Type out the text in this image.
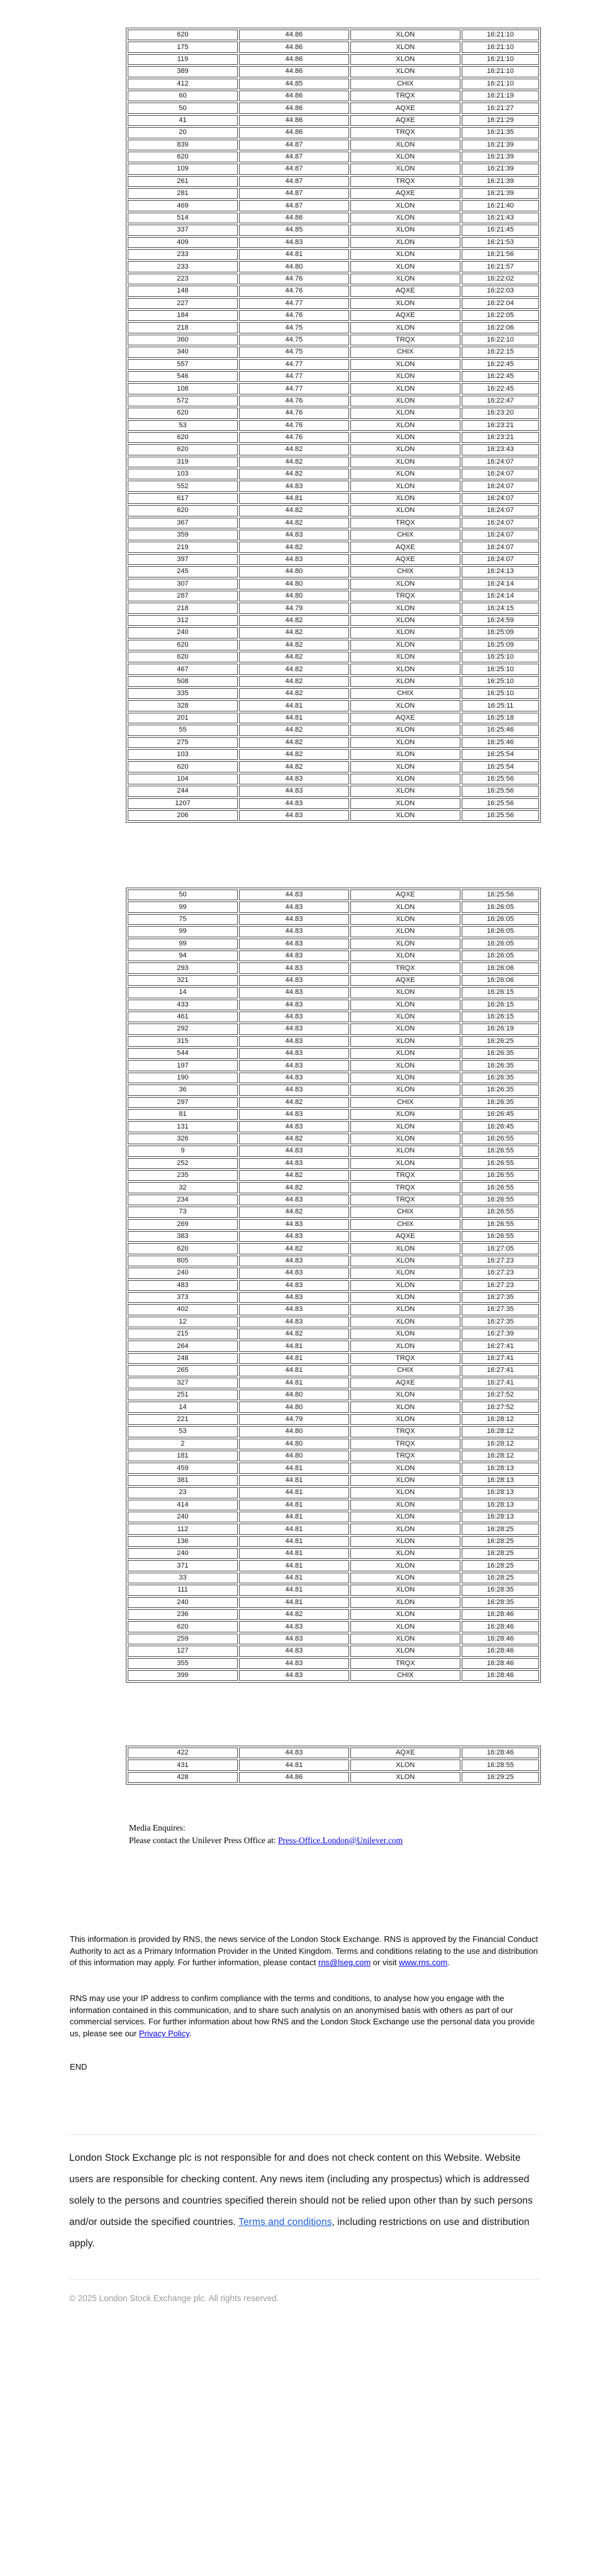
620	44.86	XLON	16:21:10
175	44.86	XLON	16:21:10
119	44.86	XLON	16:21:10
389	44.86	XLON	16:21:10
412	44.85	CHIX	16:21:10
60	44.86	TRQX	16:21:19
50	44.86	AQXE	16:21:27
41	44.86	AQXE	16:21:29
20	44.86	TRQX	16:21:35
839	44.87	XLON	16:21:39
620	44.87	XLON	16:21:39
109	44.87	XLON	16:21:39
261	44.87	TRQX	16:21:39
281	44.87	AQXE	16:21:39
469	44.87	XLON	16:21:40
514	44.86	XLON	16:21:43
337	44.85	XLON	16:21:45
409	44.83	XLON	16:21:53
233	44.81	XLON	16:21:56
233	44.80	XLON	16:21:57
223	44.76	XLON	16:22:02
148	44.76	AQXE	16:22:03
227	44.77	XLON	16:22:04
184	44.76	AQXE	16:22:05
218	44.75	XLON	16:22:06
360	44.75	TRQX	16:22:10
340	44.75	CHIX	16:22:15
557	44.77	XLON	16:22:45
546	44.77	XLON	16:22:45
108	44.77	XLON	16:22:45
572	44.76	XLON	16:22:47
620	44.76	XLON	16:23:20
53	44.76	XLON	16:23:21
620	44.76	XLON	16:23:21
620	44.82	XLON	16:23:43
319	44.82	XLON	16:24:07
103	44.82	XLON	16:24:07
552	44.83	XLON	16:24:07
617	44.81	XLON	16:24:07
620	44.82	XLON	16:24:07
367	44.82	TRQX	16:24:07
359	44.83	CHIX	16:24:07
219	44.82	AQXE	16:24:07
397	44.83	AQXE	16:24:07
245	44.80	CHIX	16:24:13
307	44.80	XLON	16:24:14
287	44.80	TRQX	16:24:14
218	44.79	XLON	16:24:15
312	44.82	XLON	16:24:59
240	44.82	XLON	16:25:09
620	44.82	XLON	16:25:09
620	44.82	XLON	16:25:10
467	44.82	XLON	16:25:10
508	44.82	XLON	16:25:10
335	44.82	CHIX	16:25:10
328	44.81	XLON	16:25:11
201	44.81	AQXE	16:25:18
55	44.82	XLON	16:25:46
275	44.82	XLON	16:25:46
103	44.82	XLON	16:25:54
620	44.82	XLON	16:25:54
104	44.83	XLON	16:25:56
244	44.83	XLON	16:25:56
1207	44.83	XLON	16:25:56
206	44.83	XLON	16:25:56
50	44.83	AQXE	16:25:56
99	44.83	XLON	16:26:05
75	44.83	XLON	16:26:05
99	44.83	XLON	16:26:05
99	44.83	XLON	16:26:05
94	44.83	XLON	16:26:05
293	44.83	TRQX	16:26:06
321	44.83	AQXE	16:26:06
14	44.83	XLON	16:26:15
433	44.83	XLON	16:26:15
461	44.83	XLON	16:26:15
292	44.83	XLON	16:26:19
315	44.83	XLON	16:26:25
544	44.83	XLON	16:26:35
197	44.83	XLON	16:26:35
190	44.83	XLON	16:26:35
36	44.83	XLON	16:26:35
297	44.82	CHIX	16:26:35
81	44.83	XLON	16:26:45
131	44.83	XLON	16:26:45
326	44.82	XLON	16:26:55
9	44.83	XLON	16:26:55
252	44.83	XLON	16:26:55
235	44.82	TRQX	16:26:55
32	44.82	TRQX	16:26:55
234	44.83	TRQX	16:26:55
73	44.82	CHIX	16:26:55
269	44.83	CHIX	16:26:55
383	44.83	AQXE	16:26:55
620	44.82	XLON	16:27:05
805	44.83	XLON	16:27:23
240	44.83	XLON	16:27:23
483	44.83	XLON	16:27:23
373	44.83	XLON	16:27:35
402	44.83	XLON	16:27:35
12	44.83	XLON	16:27:35
215	44.82	XLON	16:27:39
264	44.81	XLON	16:27:41
248	44.81	TRQX	16:27:41
265	44.81	CHIX	16:27:41
327	44.81	AQXE	16:27:41
251	44.80	XLON	16:27:52
14	44.80	XLON	16:27:52
221	44.79	XLON	16:28:12
53	44.80	TRQX	16:28:12
2	44.80	TRQX	16:28:12
181	44.80	TRQX	16:28:12
459	44.81	XLON	16:28:13
381	44.81	XLON	16:28:13
23	44.81	XLON	16:28:13
414	44.81	XLON	16:28:13
240	44.81	XLON	16:28:13
112	44.81	XLON	16:28:25
136	44.81	XLON	16:28:25
240	44.81	XLON	16:28:25
371	44.81	XLON	16:28:25
33	44.81	XLON	16:28:25
111	44.81	XLON	16:28:35
240	44.81	XLON	16:28:35
236	44.82	XLON	16:28:46
620	44.83	XLON	16:28:46
259	44.83	XLON	16:28:46
127	44.83	XLON	16:28:46
355	44.83	TRQX	16:28:46
399	44.83	CHIX	16:28:46
422	44.83	AQXE	16:28:46
431	44.81	XLON	16:28:55
428	44.86	XLON	16:29:25
Media Enquires:
Please contact the Unilever Press Office at: Press-Office.London@Unilever.com
This information is provided by RNS, the news service of the London Stock Exchange. RNS is approved by the Financial Conduct Authority to act as a Primary Information Provider in the United Kingdom. Terms and conditions relating to the use and distribution of this information may apply. For further information, please contact rns@lseg.com or visit www.rns.com.
RNS may use your IP address to confirm compliance with the terms and conditions, to analyse how you engage with the information contained in this communication, and to share such analysis on an anonymised basis with others as part of our commercial services. For further information about how RNS and the London Stock Exchange use the personal data you provide us, please see our Privacy Policy.
END
London Stock Exchange plc is not responsible for and does not check content on this Website. Website users are responsible for checking content. Any news item (including any prospectus) which is addressed solely to the persons and countries specified therein should not be relied upon other than by such persons and/or outside the specified countries. Terms and conditions, including restrictions on use and distribution apply.
© 2025 London Stock Exchange plc. All rights reserved.
